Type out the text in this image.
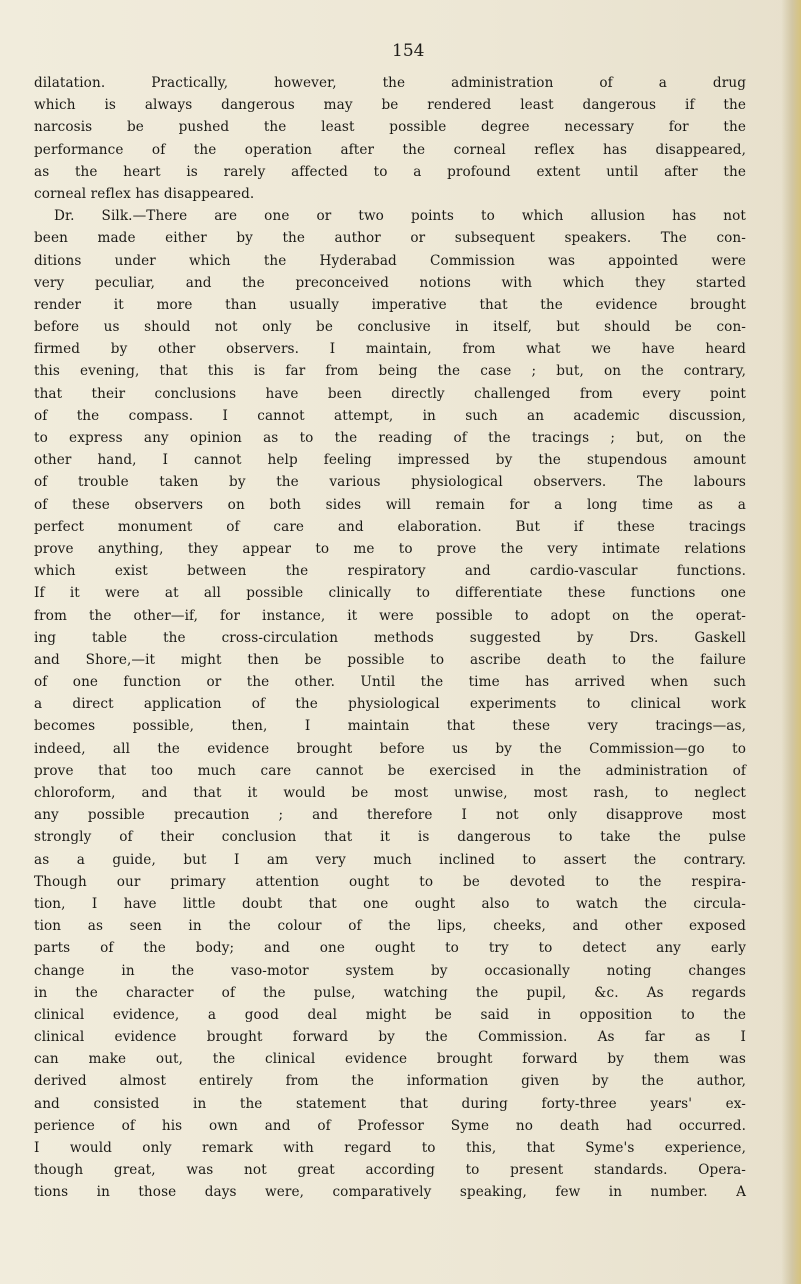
154
dilatation. Practically, however, the administration of a drug
which is always dangerous may be rendered least dangerous if the
narcosis be pushed the least possible degree necessary for the
performance of the operation after the corneal reflex has disappeared,
as the heart is rarely affected to a profound extent until after the
corneal reflex has disappeared.
Dr. Silk.—There are one or two points to which allusion has not
been made either by the author or subsequent speakers. The con-
ditions under which the Hyderabad Commission was appointed were
very peculiar, and the preconceived notions with which they started
render it more than usually imperative that the evidence brought
before us should not only be conclusive in itself, but should be con-
firmed by other observers. I maintain, from what we have heard
this evening, that this is far from being the case ; but, on the contrary,
that their conclusions have been directly challenged from every point
of the compass. I cannot attempt, in such an academic discussion,
to express any opinion as to the reading of the tracings ; but, on the
other hand, I cannot help feeling impressed by the stupendous amount
of trouble taken by the various physiological observers. The labours
of these observers on both sides will remain for a long time as a
perfect monument of care and elaboration. But if these tracings
prove anything, they appear to me to prove the very intimate relations
which exist between the respiratory and cardio-vascular functions.
If it were at all possible clinically to differentiate these functions one
from the other—if, for instance, it were possible to adopt on the operat-
ing table the cross-circulation methods suggested by Drs. Gaskell
and Shore,—it might then be possible to ascribe death to the failure
of one function or the other. Until the time has arrived when such
a direct application of the physiological experiments to clinical work
becomes possible, then, I maintain that these very tracings—as,
indeed, all the evidence brought before us by the Commission—go to
prove that too much care cannot be exercised in the administration of
chloroform, and that it would be most unwise, most rash, to neglect
any possible precaution ; and therefore I not only disapprove most
strongly of their conclusion that it is dangerous to take the pulse
as a guide, but I am very much inclined to assert the contrary.
Though our primary attention ought to be devoted to the respira-
tion, I have little doubt that one ought also to watch the circula-
tion as seen in the colour of the lips, cheeks, and other exposed
parts of the body; and one ought to try to detect any early
change in the vaso-motor system by occasionally noting changes
in the character of the pulse, watching the pupil, &c. As regards
clinical evidence, a good deal might be said in opposition to the
clinical evidence brought forward by the Commission. As far as I
can make out, the clinical evidence brought forward by them was
derived almost entirely from the information given by the author,
and consisted in the statement that during forty-three years' ex-
perience of his own and of Professor Syme no death had occurred.
I would only remark with regard to this, that Syme's experience,
though great, was not great according to present standards. Opera-
tions in those days were, comparatively speaking, few in number. A
